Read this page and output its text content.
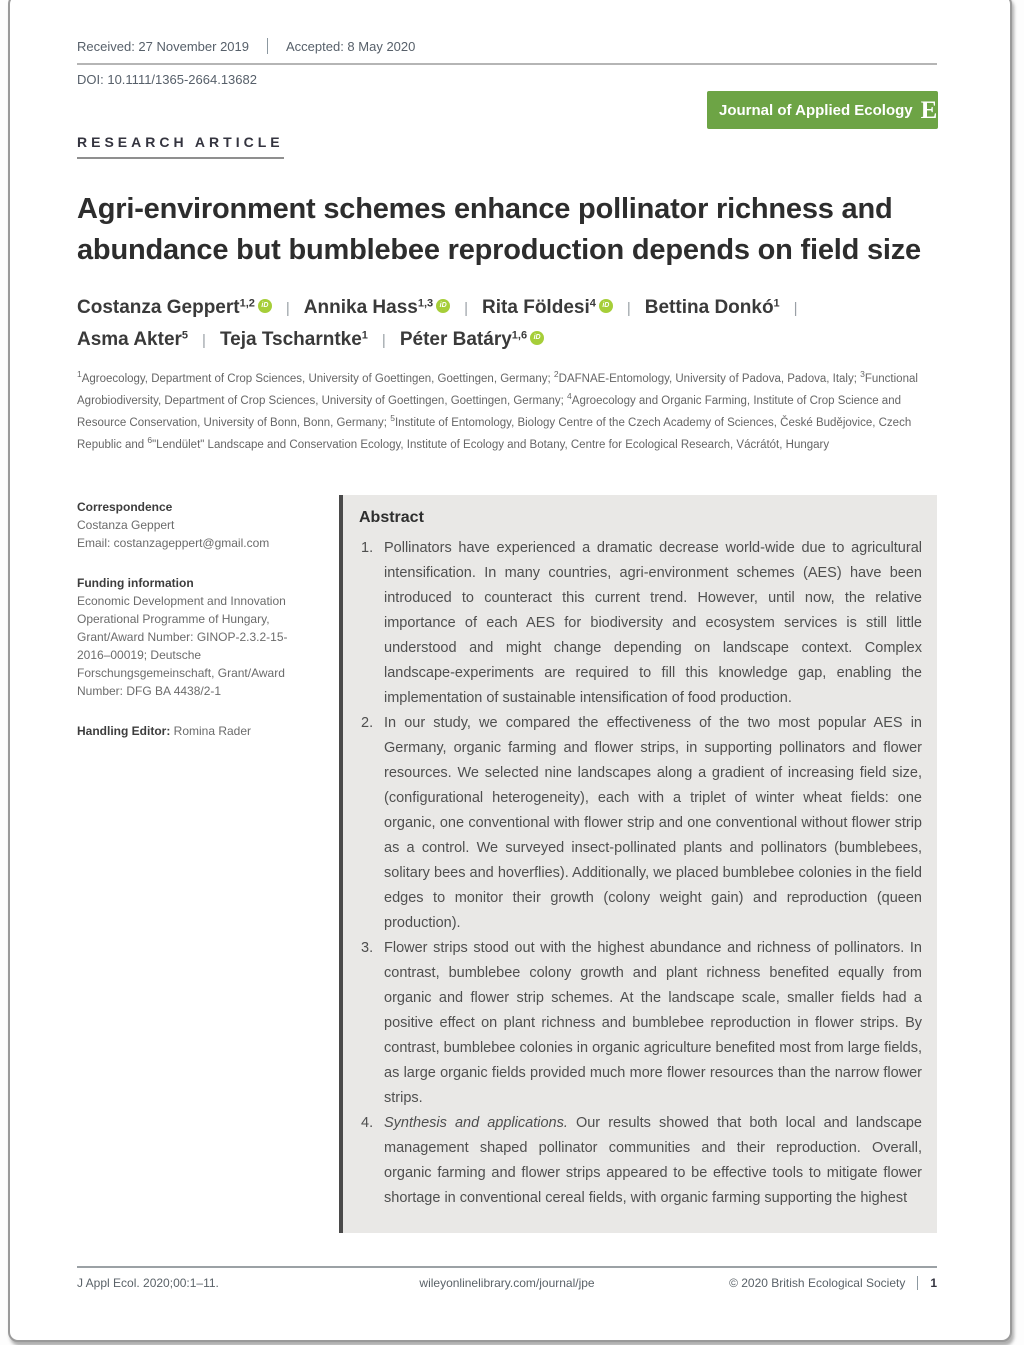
Received: 27 November 2019	Accepted: 8 May 2020
DOI: 10.1111/1365-2664.13682
RESEARCH ARTICLE
Journal of Applied Ecology E BRITISH
ECOLOGICAL
SOCIETY
Agri-environment schemes enhance pollinator richness and abundance but bumblebee reproduction depends on field size
Costanza Geppert$^{1,2}$ iD | Annika Hass$^{1,3}$ iD | Rita Földesi$^4$ iD | Bettina Donkó$^1$ |
Asma Akter$^5$ | Teja Tscharntke$^1$ | Péter Batáry$^{1,6}$ iD

$^1$Agroecology, Department of Crop Sciences, University of Goettingen, Goettingen, Germany; $^2$DAFNAE-Entomology, University of Padova, Padova, Italy; $^3$Functional Agrobiodiversity, Department of Crop Sciences, University of Goettingen, Goettingen, Germany; $^4$Agroecology and Organic Farming, Institute of Crop Science and Resource Conservation, University of Bonn, Bonn, Germany; $^5$Institute of Entomology, Biology Centre of the Czech Academy of Sciences, České Budějovice, Czech Republic and $^6$"Lendület" Landscape and Conservation Ecology, Institute of Ecology and Botany, Centre for Ecological Research, Vácrátót, Hungary

Correspondence
Costanza Geppert
Email: costanzageppert@gmail.com
Funding information
Economic Development and Innovation Operational Programme of Hungary, Grant/Award Number: GINOP-2.3.2-15-2016–00019; Deutsche Forschungsgemeinschaft, Grant/Award Number: DFG BA 4438/2-1
Handling Editor: Romina Rader
Abstract
1. Pollinators have experienced a dramatic decrease world-wide due to agricultural intensification. In many countries, agri-environment schemes (AES) have been introduced to counteract this current trend. However, until now, the relative importance of each AES for biodiversity and ecosystem services is still little understood and might change depending on landscape context. Complex landscape-experiments are required to fill this knowledge gap, enabling the implementation of sustainable intensification of food production.
2. In our study, we compared the effectiveness of the two most popular AES in Germany, organic farming and flower strips, in supporting pollinators and flower resources. We selected nine landscapes along a gradient of increasing field size, (configurational heterogeneity), each with a triplet of winter wheat fields: one organic, one conventional with flower strip and one conventional without flower strip as a control. We surveyed insect-pollinated plants and pollinators (bumblebees, solitary bees and hoverflies). Additionally, we placed bumblebee colonies in the field edges to monitor their growth (colony weight gain) and reproduction (queen production).
3. Flower strips stood out with the highest abundance and richness of pollinators. In contrast, bumblebee colony growth and plant richness benefited equally from organic and flower strip schemes. At the landscape scale, smaller fields had a positive effect on plant richness and bumblebee reproduction in flower strips. By contrast, bumblebee colonies in organic agriculture benefited most from large fields, as large organic fields provided much more flower resources than the narrow flower strips.
4. Synthesis and applications. Our results showed that both local and landscape management shaped pollinator communities and their reproduction. Overall, organic farming and flower strips appeared to be effective tools to mitigate flower shortage in conventional cereal fields, with organic farming supporting the highest
J Appl Ecol. 2020;00:1–11.	wileyonlinelibrary.com/journal/jpe	© 2020 British Ecological Society	1
